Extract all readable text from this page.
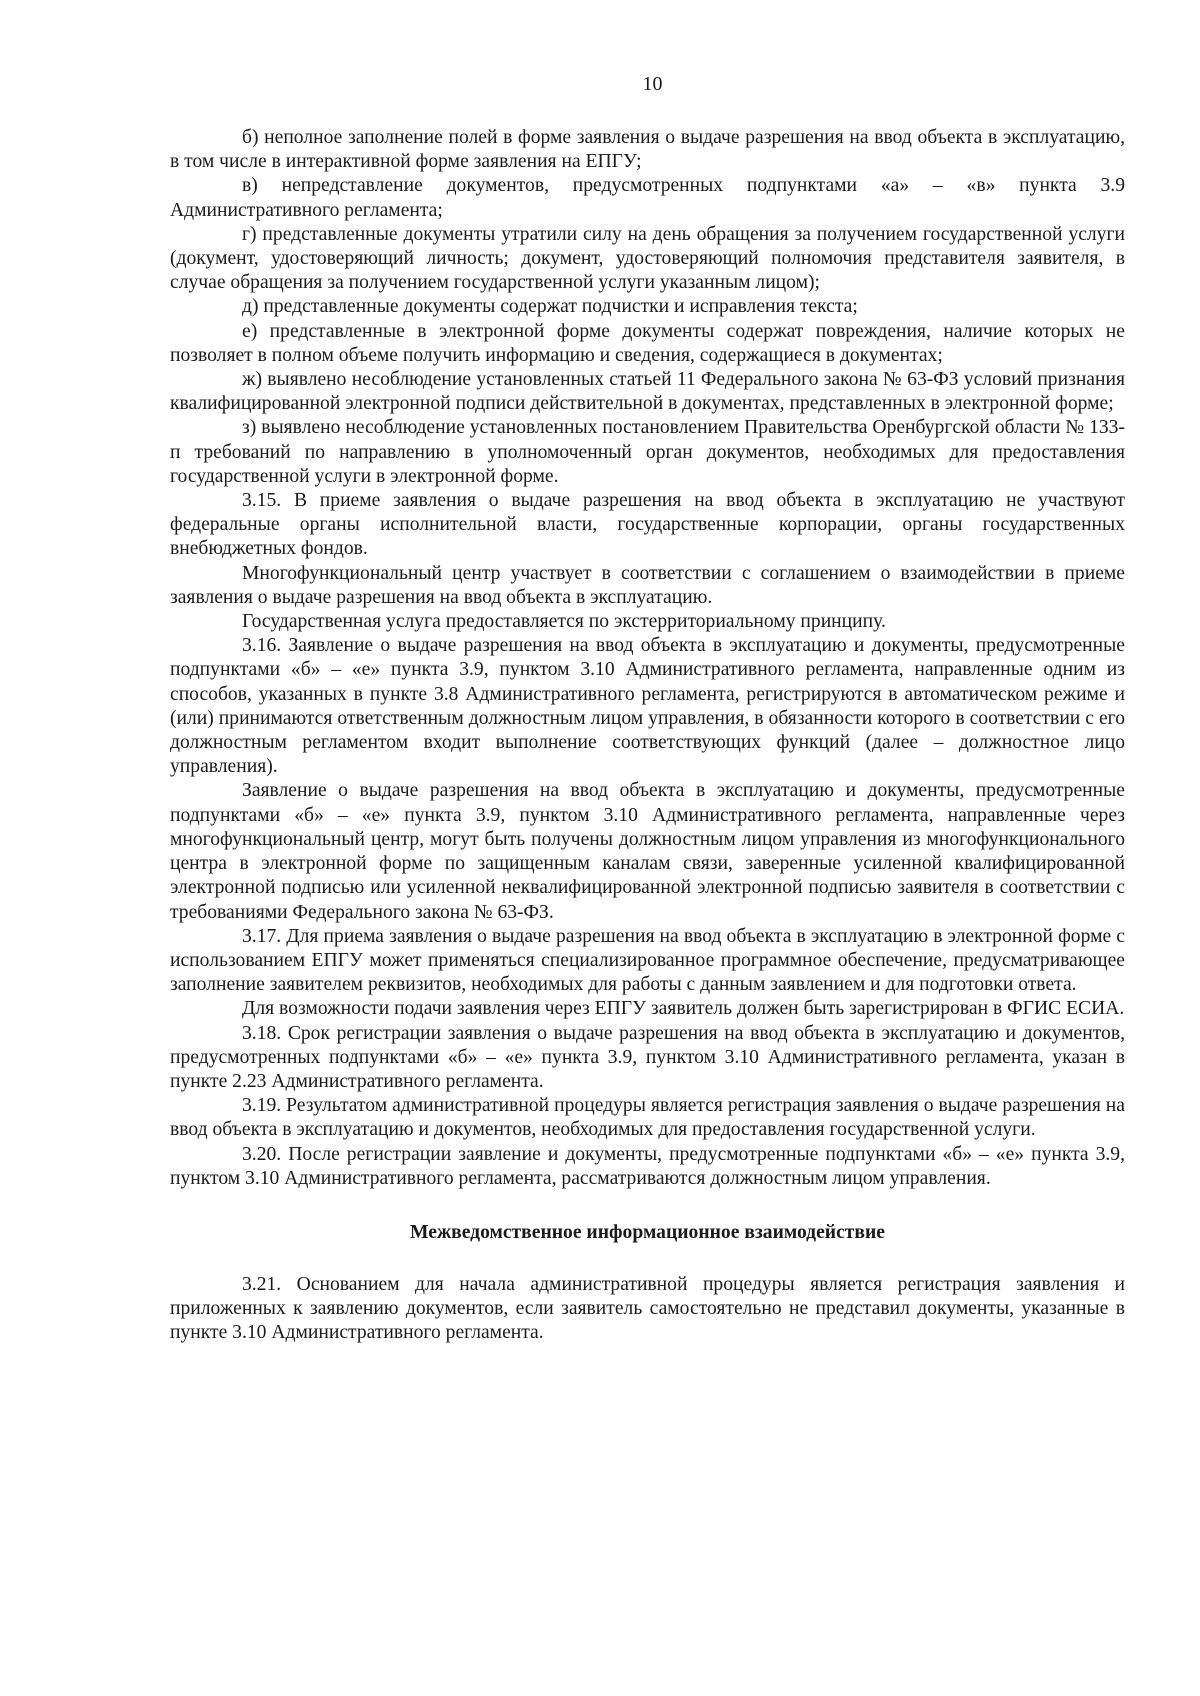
10

б) неполное заполнение полей в форме заявления о выдаче разрешения на ввод объекта в эксплуатацию, в том числе в интерактивной форме заявления на ЕПГУ;

в) непредставление документов, предусмотренных подпунктами «а» – «в» пункта 3.9 Административного регламента;

г) представленные документы утратили силу на день обращения за получением государственной услуги (документ, удостоверяющий личность; документ, удостоверяющий полномочия представителя заявителя, в случае обращения за получением государственной услуги указанным лицом);

д) представленные документы содержат подчистки и исправления текста;

е) представленные в электронной форме документы содержат повреждения, наличие которых не позволяет в полном объеме получить информацию и сведения, содержащиеся в документах;

ж) выявлено несоблюдение установленных статьей 11 Федерального закона № 63-ФЗ условий признания квалифицированной электронной подписи действительной в документах, представленных в электронной форме;

з) выявлено несоблюдение установленных постановлением Правительства Оренбургской области № 133-п требований по направлению в уполномоченный орган документов, необходимых для предоставления государственной услуги в электронной форме.

3.15. В приеме заявления о выдаче разрешения на ввод объекта в эксплуатацию не участвуют федеральные органы исполнительной власти, государственные корпорации, органы государственных внебюджетных фондов.

Многофункциональный центр участвует в соответствии с соглашением о взаимодействии в приеме заявления о выдаче разрешения на ввод объекта в эксплуатацию.

Государственная услуга предоставляется по экстерриториальному принципу.

3.16. Заявление о выдаче разрешения на ввод объекта в эксплуатацию и документы, предусмотренные подпунктами «б» – «е» пункта 3.9, пунктом 3.10 Административного регламента, направленные одним из способов, указанных в пункте 3.8 Административного регламента, регистрируются в автоматическом режиме и (или) принимаются ответственным должностным лицом управления, в обязанности которого в соответствии с его должностным регламентом входит выполнение соответствующих функций (далее – должностное лицо управления).

Заявление о выдаче разрешения на ввод объекта в эксплуатацию и документы, предусмотренные подпунктами «б» – «е» пункта 3.9, пунктом 3.10 Административного регламента, направленные через многофункциональный центр, могут быть получены должностным лицом управления из многофункционального центра в электронной форме по защищенным каналам связи, заверенные усиленной квалифицированной электронной подписью или усиленной неквалифицированной электронной подписью заявителя в соответствии с требованиями Федерального закона № 63-ФЗ.

3.17. Для приема заявления о выдаче разрешения на ввод объекта в эксплуатацию в электронной форме с использованием ЕПГУ может применяться специализированное программное обеспечение, предусматривающее заполнение заявителем реквизитов, необходимых для работы с данным заявлением и для подготовки ответа.

Для возможности подачи заявления через ЕПГУ заявитель должен быть зарегистрирован в ФГИС ЕСИА.

3.18. Срок регистрации заявления о выдаче разрешения на ввод объекта в эксплуатацию и документов, предусмотренных подпунктами «б» – «е» пункта 3.9, пунктом 3.10 Административного регламента, указан в пункте 2.23 Административного регламента.

3.19. Результатом административной процедуры является регистрация заявления о выдаче разрешения на ввод объекта в эксплуатацию и документов, необходимых для предоставления государственной услуги.

3.20. После регистрации заявление и документы, предусмотренные подпунктами «б» – «е» пункта 3.9, пунктом 3.10 Административного регламента, рассматриваются должностным лицом управления.

Межведомственное информационное взаимодействие

3.21. Основанием для начала административной процедуры является регистрация заявления и приложенных к заявлению документов, если заявитель самостоятельно не представил документы, указанные в пункте 3.10 Административного регламента.
